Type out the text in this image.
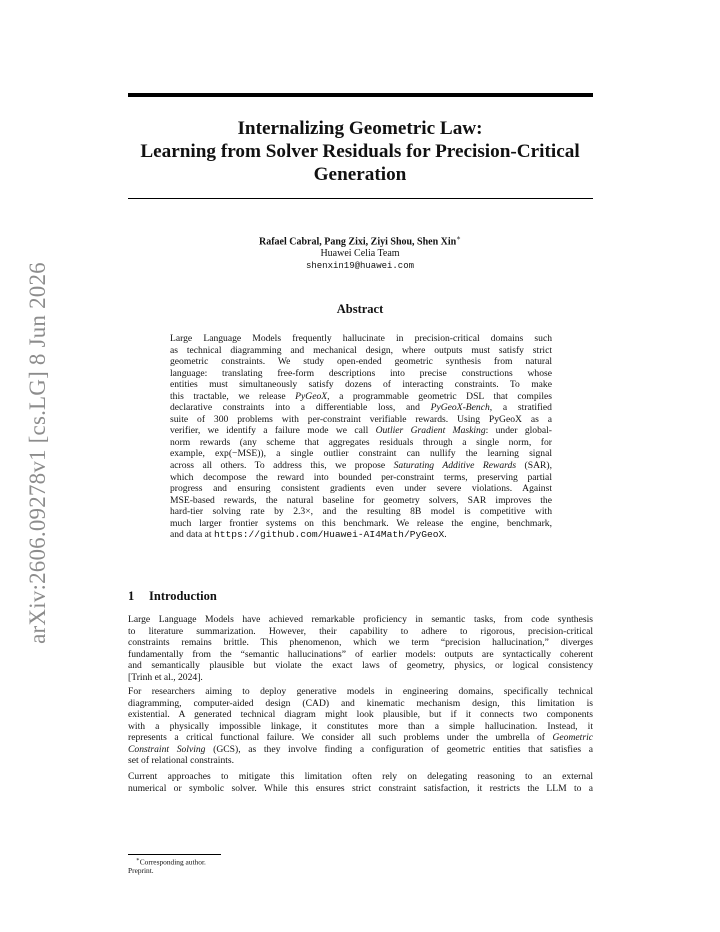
arXiv:2606.09278v1 [cs.LG] 8 Jun 2026
Internalizing Geometric Law:
Learning from Solver Residuals for Precision-Critical
Generation
Rafael Cabral, Pang Zixi, Ziyi Shou, Shen Xin∗
Huawei Celia Team
shenxin19@huawei.com
Abstract
Large Language Models frequently hallucinate in precision-critical domains such
as technical diagramming and mechanical design, where outputs must satisfy strict
geometric constraints. We study open-ended geometric synthesis from natural
language: translating free-form descriptions into precise constructions whose
entities must simultaneously satisfy dozens of interacting constraints. To make
this tractable, we release PyGeoX, a programmable geometric DSL that compiles
declarative constraints into a differentiable loss, and PyGeoX-Bench, a stratified
suite of 300 problems with per-constraint verifiable rewards. Using PyGeoX as a
verifier, we identify a failure mode we call Outlier Gradient Masking: under global-
norm rewards (any scheme that aggregates residuals through a single norm, for
example, exp(−MSE)), a single outlier constraint can nullify the learning signal
across all others. To address this, we propose Saturating Additive Rewards (SAR),
which decompose the reward into bounded per-constraint terms, preserving partial
progress and ensuring consistent gradients even under severe violations. Against
MSE-based rewards, the natural baseline for geometry solvers, SAR improves the
hard-tier solving rate by 2.3×, and the resulting 8B model is competitive with
much larger frontier systems on this benchmark. We release the engine, benchmark,
and data at https://github.com/Huawei-AI4Math/PyGeoX.
1 Introduction
Large Language Models have achieved remarkable proficiency in semantic tasks, from code synthesis
to literature summarization. However, their capability to adhere to rigorous, precision-critical
constraints remains brittle. This phenomenon, which we term “precision hallucination,” diverges
fundamentally from the “semantic hallucinations” of earlier models: outputs are syntactically coherent
and semantically plausible but violate the exact laws of geometry, physics, or logical consistency
[Trinh et al., 2024].
For researchers aiming to deploy generative models in engineering domains, specifically technical
diagramming, computer-aided design (CAD) and kinematic mechanism design, this limitation is
existential. A generated technical diagram might look plausible, but if it connects two components
with a physically impossible linkage, it constitutes more than a simple hallucination. Instead, it
represents a critical functional failure. We consider all such problems under the umbrella of Geometric
Constraint Solving (GCS), as they involve finding a configuration of geometric entities that satisfies a
set of relational constraints.
Current approaches to mitigate this limitation often rely on delegating reasoning to an external
numerical or symbolic solver. While this ensures strict constraint satisfaction, it restricts the LLM to a
∗Corresponding author.
Preprint.
